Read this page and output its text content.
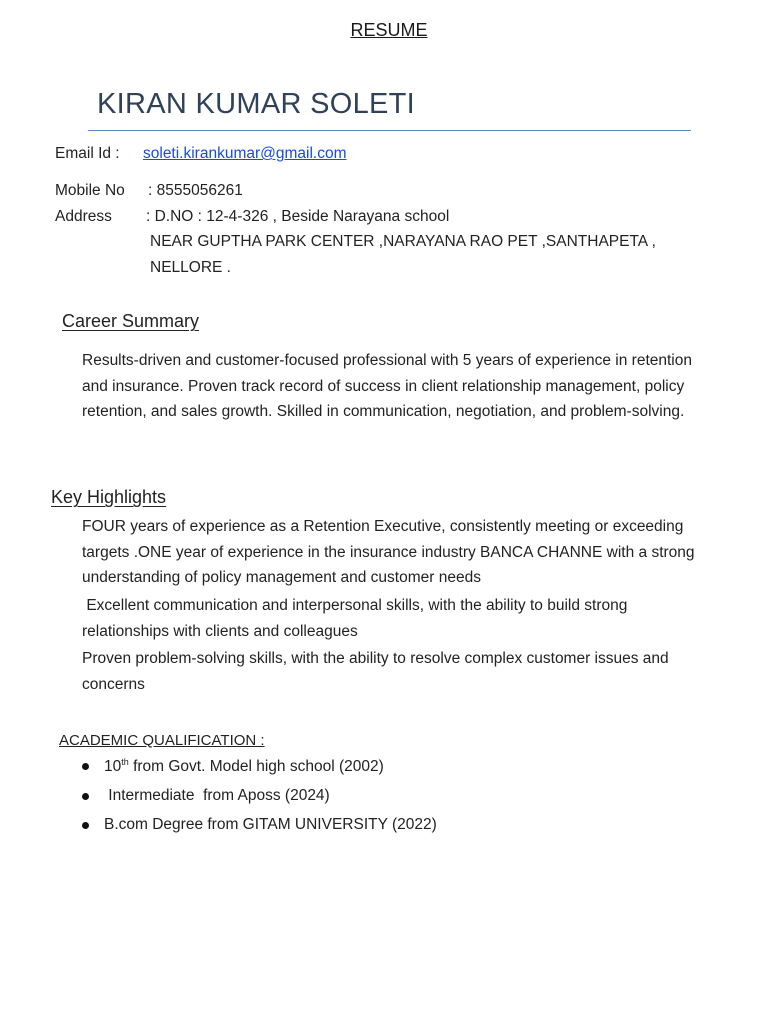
RESUME
KIRAN KUMAR SOLETI
Email Id : soleti.kirankumar@gmail.com
Mobile No : 8555056261
Address : D.NO : 12-4-326 , Beside Narayana school
NEAR GUPTHA PARK CENTER ,NARAYANA RAO PET ,SANTHAPETA ,
NELLORE .
Career Summary
Results-driven and customer-focused professional with 5 years of experience in retention and insurance. Proven track record of success in client relationship management, policy retention, and sales growth. Skilled in communication, negotiation, and problem-solving.
Key Highlights
FOUR years of experience as a Retention Executive, consistently meeting or exceeding targets .ONE year of experience in the insurance industry BANCA CHANNE with a strong understanding of policy management and customer needs
Excellent communication and interpersonal skills, with the ability to build strong relationships with clients and colleagues
Proven problem-solving skills, with the ability to resolve complex customer issues and concerns
ACADEMIC QUALIFICATION :
10th from Govt. Model high school (2002)
Intermediate  from Aposs (2024)
B.com Degree from GITAM UNIVERSITY (2022)
